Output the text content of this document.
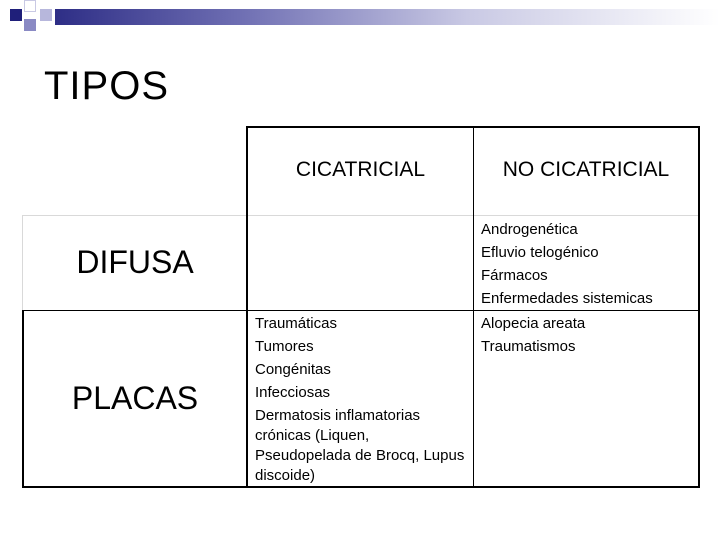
TIPOS
CICATRICIAL	NO CICATRICIAL
DIFUSA
PLACAS
Androgenética
Efluvio telogénico
Fármacos
Enfermedades sistemicas
Traumáticas
Tumores
Congénitas
Infecciosas
Dermatosis inflamatorias crónicas (Liquen, Pseudopelada de Brocq, Lupus discoide)
Alopecia areata
Traumatismos
